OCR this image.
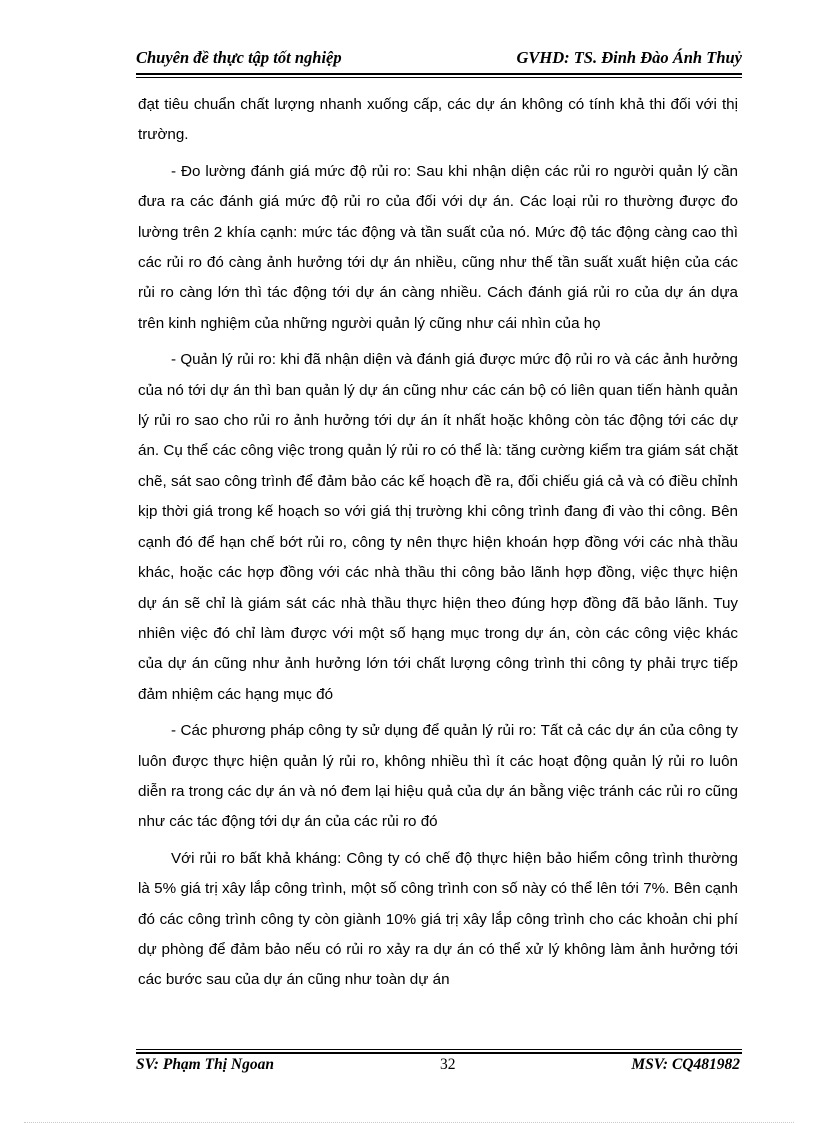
Chuyên đề thực tập tốt nghiệp	GVHD: TS. Đinh Đào Ánh Thuỷ

đạt tiêu chuẩn chất lượng nhanh xuống cấp, các dự án không có tính khả thi đối với thị trường.

- Đo lường đánh giá mức độ rủi ro: Sau khi nhận diện các rủi ro người quản lý cần đưa ra các đánh giá mức độ rủi ro của đối với dự án. Các loại rủi ro thường được đo lường trên 2 khía cạnh: mức tác động và tần suất của nó. Mức độ tác động càng cao thì các rủi ro đó càng ảnh hưởng tới dự án nhiều, cũng như thế tần suất xuất hiện của các rủi ro càng lớn thì tác động tới dự án càng nhiều. Cách đánh giá rủi ro của dự án dựa trên kinh nghiệm của những người quản lý cũng như cái nhìn của họ

- Quản lý rủi ro: khi đã nhận diện và đánh giá được mức độ rủi ro và các ảnh hưởng của nó tới dự án thì ban quản lý dự án cũng như các cán bộ có liên quan tiến hành quản lý rủi ro sao cho rủi ro ảnh hưởng tới dự án ít nhất hoặc không còn tác động tới các dự án. Cụ thể các công việc trong quản lý rủi ro có thể là: tăng cường kiểm tra giám sát chặt chẽ, sát sao công trình để đảm bảo các kế hoạch đề ra, đối chiếu giá cả và có điều chỉnh kịp thời giá trong kế hoạch so với giá thị trường khi công trình đang đi vào thi công. Bên cạnh đó để hạn chế bớt rủi ro, công ty nên thực hiện khoán hợp đồng với các nhà thầu khác, hoặc các hợp đồng với các nhà thầu thi công bảo lãnh hợp đồng, việc thực hiện dự án sẽ chỉ là giám sát các nhà thầu thực hiện theo đúng hợp đồng đã bảo lãnh. Tuy nhiên việc đó chỉ làm được với một số hạng mục trong dự án, còn các công việc khác của dự án cũng như ảnh hưởng lớn tới chất lượng công trình thi công ty phải trực tiếp đảm nhiệm các hạng mục đó

- Các phương pháp công ty sử dụng để quản lý rủi ro: Tất cả các dự án của công ty luôn được thực hiện quản lý rủi ro, không nhiều thì ít các hoạt động quản lý rủi ro luôn diễn ra trong các dự án và nó đem lại hiệu quả của dự án bằng việc tránh các rủi ro cũng như các tác động tới dự án của các rủi ro đó

Với rủi ro bất khả kháng: Công ty có chế độ thực hiện bảo hiểm công trình thường là 5% giá trị xây lắp công trình, một số công trình con số này có thể lên tới 7%. Bên cạnh đó các công trình công ty còn giành 10% giá trị xây lắp công trình cho các khoản chi phí dự phòng để đảm bảo nếu có rủi ro xảy ra dự án có thể xử lý không làm ảnh hưởng tới các bước sau của dự án cũng như toàn dự án

SV: Phạm Thị Ngoan	32	MSV: CQ481982
